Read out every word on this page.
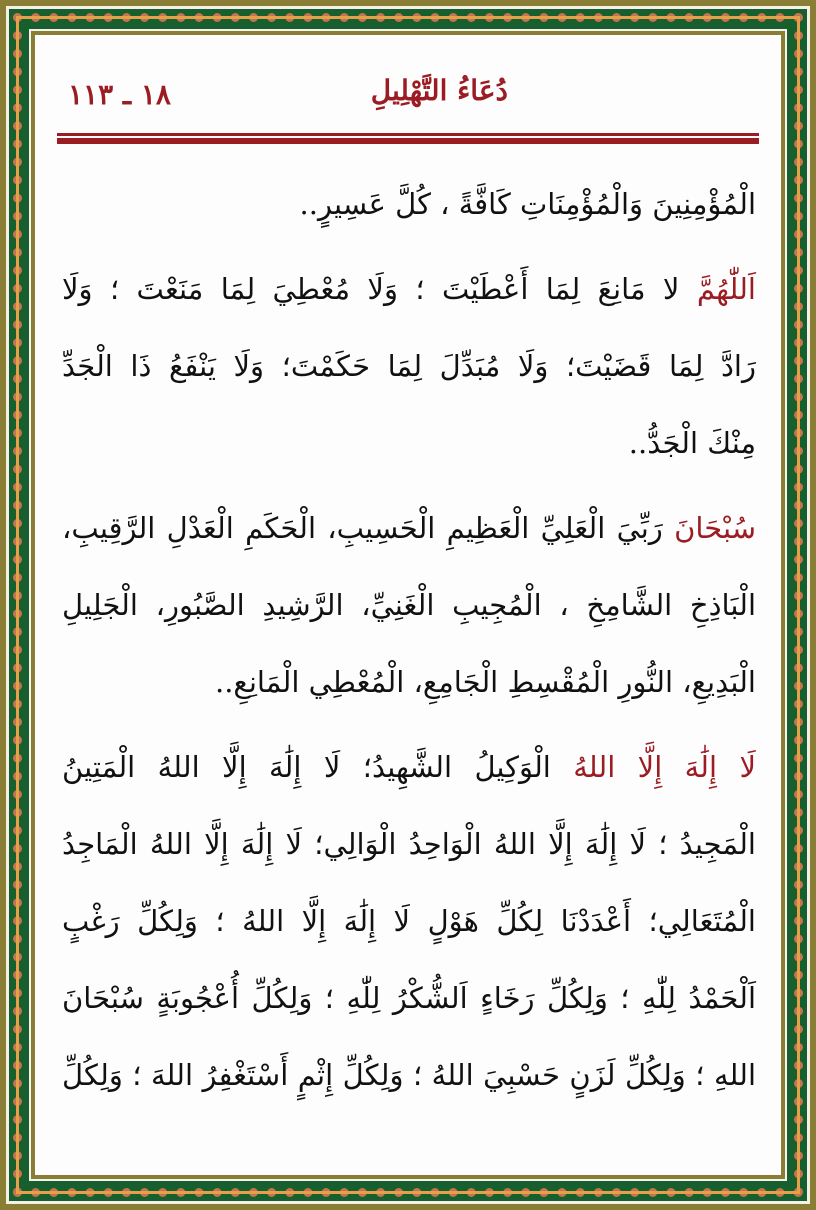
١٨ ـ ١١٣	دُعَاءُ التَّهْلِيلِ
الْمُؤْمِنِينَ وَالْمُؤْمِنَاتِ كَافَّةً ، كُلَّ عَسِيرٍ..
اَللّٰهُمَّ لا مَانِعَ لِمَا أَعْطَيْتَ ؛ وَلَا مُعْطِيَ لِمَا مَنَعْتَ ؛ وَلَا
رَادَّ لِمَا قَضَيْتَ؛ وَلَا مُبَدِّلَ لِمَا حَكَمْتَ؛ وَلَا يَنْفَعُ ذَا الْجَدِّ
مِنْكَ الْجَدُّ..
سُبْحَانَ رَبِّيَ الْعَلِيِّ الْعَظِيمِ الْحَسِيبِ، الْحَكَمِ الْعَدْلِ الرَّقِيبِ،
الْبَاذِخِ الشَّامِخِ ، الْمُجِيبِ الْغَنِيِّ، الرَّشِيدِ الصَّبُورِ، الْجَلِيلِ
الْبَدِيعِ، النُّورِ الْمُقْسِطِ الْجَامِعِ، الْمُعْطِي الْمَانِعِ..
لَا إِلَٰهَ إِلَّا اللهُ الْوَكِيلُ الشَّهِيدُ؛ لَا إِلَٰهَ إِلَّا اللهُ الْمَتِينُ
الْمَجِيدُ ؛ لَا إِلَٰهَ إِلَّا اللهُ الْوَاحِدُ الْوَالِي؛ لَا إِلَٰهَ إِلَّا اللهُ الْمَاجِدُ
الْمُتَعَالِي؛ أَعْدَدْنَا لِكُلِّ هَوْلٍ لَا إِلَٰهَ إِلَّا اللهُ ؛ وَلِكُلِّ رَغْبٍ
اَلْحَمْدُ لِلّٰهِ ؛ وَلِكُلِّ رَخَاءٍ اَلشُّكْرُ لِلّٰهِ ؛ وَلِكُلِّ أُعْجُوبَةٍ سُبْحَانَ
اللهِ ؛ وَلِكُلِّ لَزَنٍ حَسْبِيَ اللهُ ؛ وَلِكُلِّ إِثْمٍ أَسْتَغْفِرُ اللهَ ؛ وَلِكُلِّ
